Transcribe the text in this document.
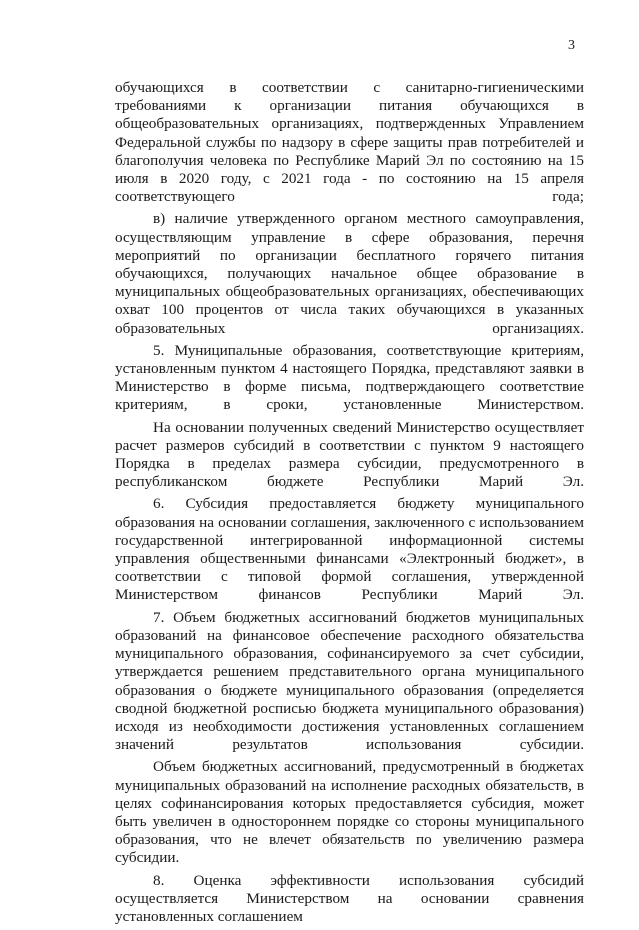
3

обучающихся в соответствии с санитарно-гигиеническими требованиями к организации питания обучающихся в общеобразовательных организациях, подтвержденных Управлением Федеральной службы по надзору в сфере защиты прав потребителей и благополучия человека по Республике Марий Эл по состоянию на 15 июля в 2020 году, с 2021 года - по состоянию на 15 апреля соответствующего года;

в) наличие утвержденного органом местного самоуправления, осуществляющим управление в сфере образования, перечня мероприятий по организации бесплатного горячего питания обучающихся, получающих начальное общее образование в муниципальных общеобразовательных организациях, обеспечивающих охват 100 процентов от числа таких обучающихся в указанных образовательных организациях.

5. Муниципальные образования, соответствующие критериям, установленным пунктом 4 настоящего Порядка, представляют заявки в Министерство в форме письма, подтверждающего соответствие критериям, в сроки, установленные Министерством.

На основании полученных сведений Министерство осуществляет расчет размеров субсидий в соответствии с пунктом 9 настоящего Порядка в пределах размера субсидии, предусмотренного в республиканском бюджете Республики Марий Эл.

6. Субсидия предоставляется бюджету муниципального образования на основании соглашения, заключенного с использованием государственной интегрированной информационной системы управления общественными финансами «Электронный бюджет», в соответствии с типовой формой соглашения, утвержденной Министерством финансов Республики Марий Эл.

7. Объем бюджетных ассигнований бюджетов муниципальных образований на финансовое обеспечение расходного обязательства муниципального образования, софинансируемого за счет субсидии, утверждается решением представительного органа муниципального образования о бюджете муниципального образования (определяется сводной бюджетной росписью бюджета муниципального образования) исходя из необходимости достижения установленных соглашением значений результатов использования субсидии.

Объем бюджетных ассигнований, предусмотренный в бюджетах муниципальных образований на исполнение расходных обязательств, в целях софинансирования которых предоставляется субсидия, может быть увеличен в одностороннем порядке со стороны муниципального образования, что не влечет обязательств по увеличению размера субсидии.

8. Оценка эффективности использования субсидий осуществляется Министерством на основании сравнения установленных соглашением
